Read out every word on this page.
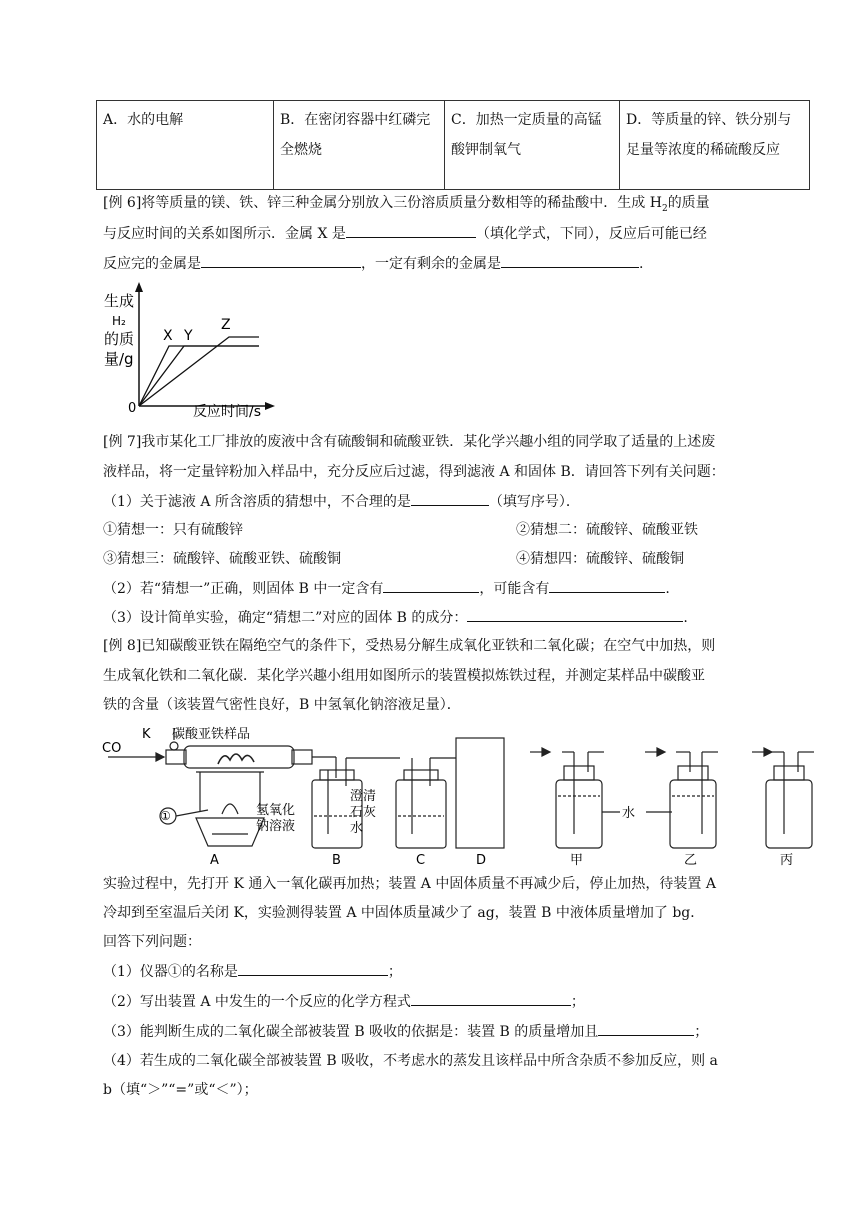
A．水的电解	B．在密闭容器中红磷完全燃烧	C．加热一定质量的高锰酸钾制氧气	D．等质量的锌、铁分别与足量等浓度的稀硫酸反应
[例 6]将等质量的镁、铁、锌三种金属分别放入三份溶质质量分数相等的稀盐酸中．生成 $H_2$的质量
与反应时间的关系如图所示．金属 X 是	（填化学式，下同），反应后可能已经
反应完的金属是	，一定有剩余的金属是	.
生成
H₂
的质
量/g
0	反应时间/s
X Y
Z
[例 7]我市某化工厂排放的废液中含有硫酸铜和硫酸亚铁．某化学兴趣小组的同学取了适量的上述废
液样品，将一定量锌粉加入样品中，充分反应后过滤，得到滤液 A 和固体 B．请回答下列有关问题：
（1）关于滤液 A 所含溶质的猜想中，不合理的是	（填写序号）．
①猜想一：只有硫酸锌	②猜想二：硫酸锌、硫酸亚铁
③猜想三：硫酸锌、硫酸亚铁、硫酸铜	④猜想四：硫酸锌、硫酸铜
（2）若“猜想一”正确，则固体 B 中一定含有	，可能含有	.
（3）设计简单实验，确定“猜想二”对应的固体 B 的成分：	.
[例 8]已知碳酸亚铁在隔绝空气的条件下，受热易分解生成氧化亚铁和二氧化碳；在空气中加热，则
生成氧化铁和二氧化碳．某化学兴趣小组用如图所示的装置模拟炼铁过程，并测定某样品中碳酸亚
铁的含量（该装置气密性良好，B 中氢氧化钠溶液足量）．
CO
K 碳酸亚铁样品
①	氢氧化
钠溶液
澄清
石灰
水
水
A	B	C	D	甲	乙	丙
实验过程中，先打开 K 通入一氧化碳再加热；装置 A 中固体质量不再减少后，停止加热，待装置 A
冷却到至室温后关闭 K，实验测得装置 A 中固体质量减少了 ag，装置 B 中液体质量增加了 bg．
回答下列问题：
（1）仪器①的名称是	；
（2）写出装置 A 中发生的一个反应的化学方程式	；
（3）能判断生成的二氧化碳全部被装置 B 吸收的依据是：装置 B 的质量增加且	；
（4）若生成的二氧化碳全部被装置 B 吸收，不考虑水的蒸发且该样品中所含杂质不参加反应，则 a
b（填“＞”“=”或“＜”）；
